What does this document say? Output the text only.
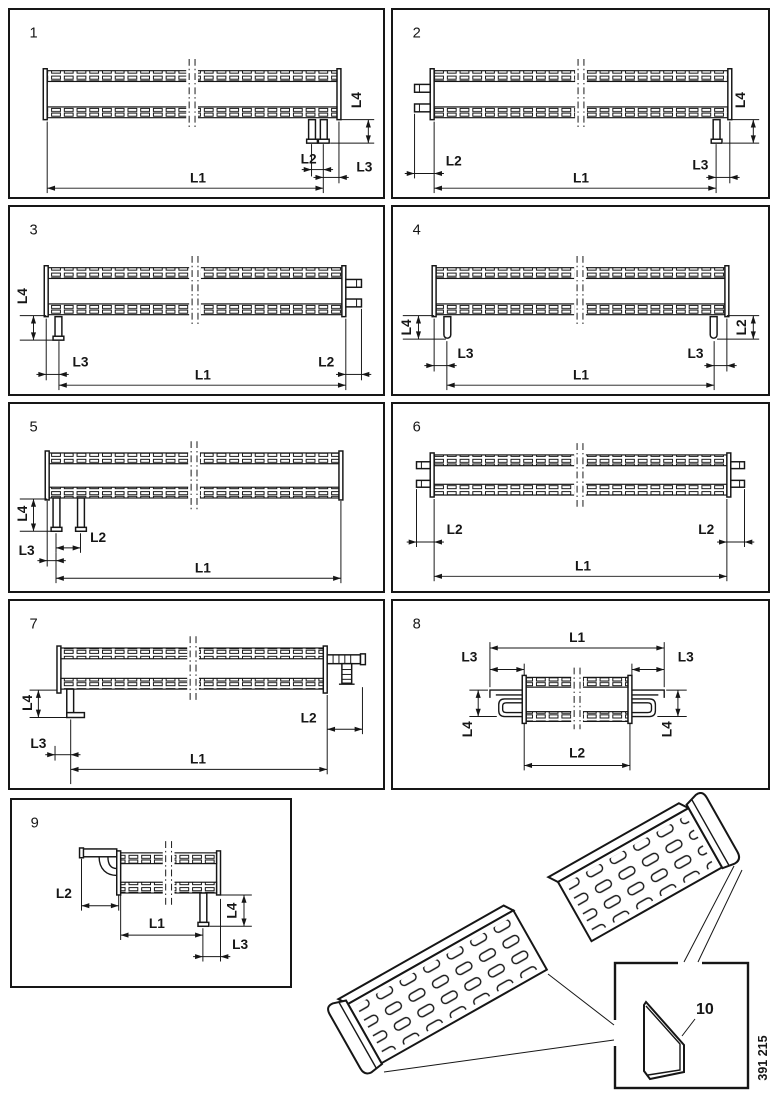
1
L4
L2
L3
L1
2
L4
L2	L3
L1
3
L4
L3	L2
L1
4
L4
L3	L3
L2
L1
5
L4
L2
L3
L1
6
L2	L2
L1
7
L4
L3
L2
L1
8
L1
L3	L3
L4	L4
L2
9
L2
L1
L4
L3
10
391 215
